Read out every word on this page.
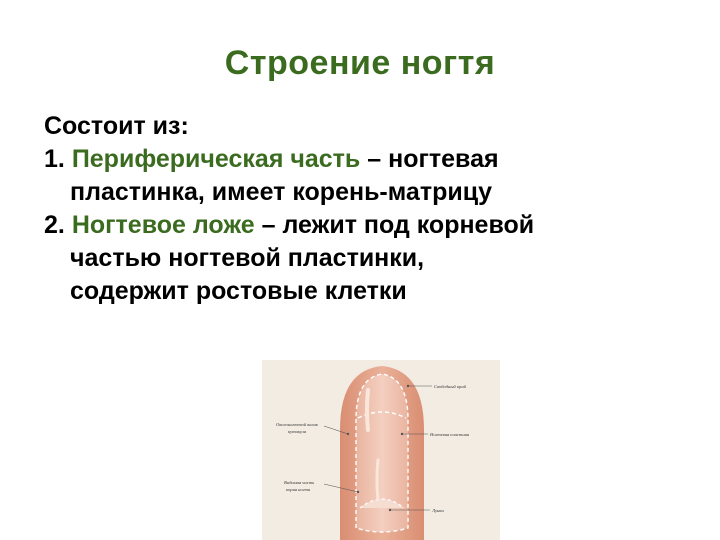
Строение ногтя
Состоит из:
1. Периферическая часть – ногтевая
пластинка, имеет корень-матрицу
2. Ногтевое ложе – лежит под корневой
частью ногтевой пластинки,
содержит ростовые клетки
Свободный край
Ногтевая пластина
Лунка
Околоногтевой валик
кутикула
Видимая часть
корня ногтя
